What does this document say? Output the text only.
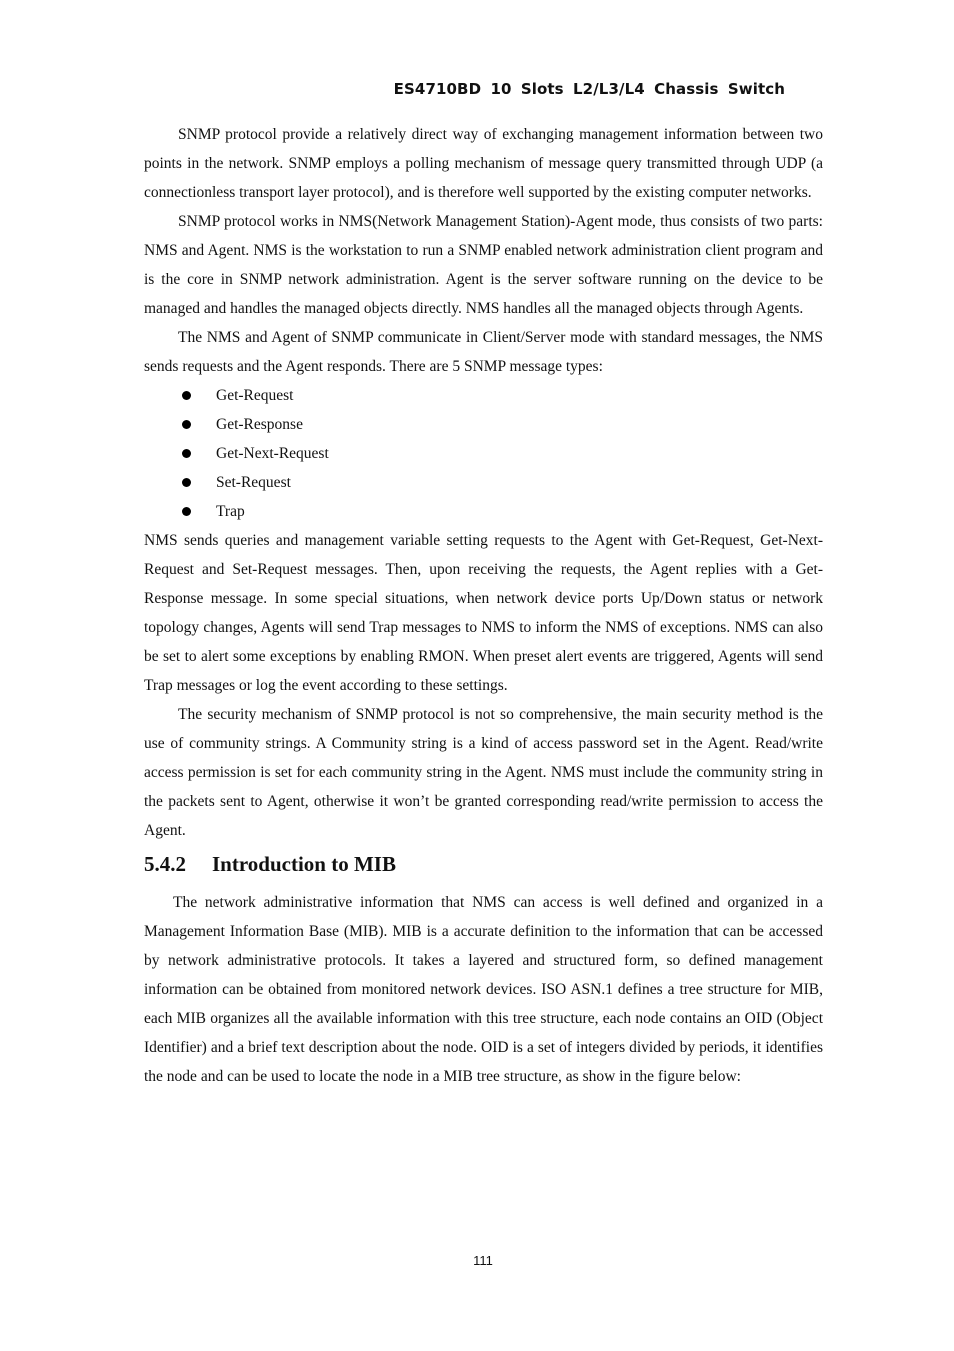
ES4710BD 10 Slots L2/L3/L4 Chassis Switch

SNMP protocol provide a relatively direct way of exchanging management information between two points in the network. SNMP employs a polling mechanism of message query transmitted through UDP (a connectionless transport layer protocol), and is therefore well supported by the existing computer networks.

SNMP protocol works in NMS(Network Management Station)-Agent mode, thus consists of two parts: NMS and Agent. NMS is the workstation to run a SNMP enabled network administration client program and is the core in SNMP network administration. Agent is the server software running on the device to be managed and handles the managed objects directly. NMS handles all the managed objects through Agents.

The NMS and Agent of SNMP communicate in Client/Server mode with standard messages, the NMS sends requests and the Agent responds. There are 5 SNMP message types:

Get-Request
Get-Response
Get-Next-Request
Set-Request
Trap

NMS sends queries and management variable setting requests to the Agent with Get-Request, Get-Next-Request and Set-Request messages. Then, upon receiving the requests, the Agent replies with a Get-Response message. In some special situations, when network device ports Up/Down status or network topology changes, Agents will send Trap messages to NMS to inform the NMS of exceptions. NMS can also be set to alert some exceptions by enabling RMON. When preset alert events are triggered, Agents will send Trap messages or log the event according to these settings.

The security mechanism of SNMP protocol is not so comprehensive, the main security method is the use of community strings. A Community string is a kind of access password set in the Agent. Read/write access permission is set for each community string in the Agent. NMS must include the community string in the packets sent to Agent, otherwise it won’t be granted corresponding read/write permission to access the Agent.

5.4.2 Introduction to MIB

The network administrative information that NMS can access is well defined and organized in a Management Information Base (MIB). MIB is a accurate definition to the information that can be accessed by network administrative protocols. It takes a layered and structured form, so defined management information can be obtained from monitored network devices. ISO ASN.1 defines a tree structure for MIB, each MIB organizes all the available information with this tree structure, each node contains an OID (Object Identifier) and a brief text description about the node. OID is a set of integers divided by periods, it identifies the node and can be used to locate the node in a MIB tree structure, as show in the figure below:

111
